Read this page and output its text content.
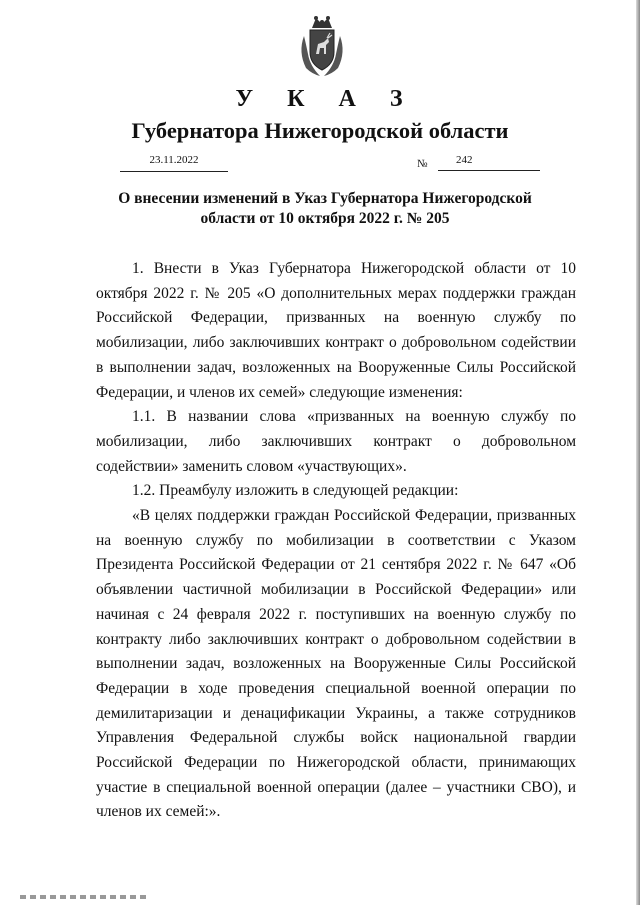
У К А З
Губернатора Нижегородской области
23.11.2022	№	242
О внесении изменений в Указ Губернатора Нижегородской
области от 10 октября 2022 г. № 205

1. Внести в Указ Губернатора Нижегородской области от 10 октября 2022 г. № 205 «О дополнительных мерах поддержки граждан Российской Федерации, призванных на военную службу по мобилизации, либо заключивших контракт о добровольном содействии в выполнении задач, возложенных на Вооруженные Силы Российской Федерации, и членов их семей» следующие изменения:

1.1. В названии слова «призванных на военную службу по мобилизации, либо заключивших контракт о добровольном содействии» заменить словом «участвующих».

1.2. Преамбулу изложить в следующей редакции:

«В целях поддержки граждан Российской Федерации, призванных на военную службу по мобилизации в соответствии с Указом Президента Российской Федерации от 21 сентября 2022 г. № 647 «Об объявлении частичной мобилизации в Российской Федерации» или начиная с 24 февраля 2022 г. поступивших на военную службу по контракту либо заключивших контракт о добровольном содействии в выполнении задач, возложенных на Вооруженные Силы Российской Федерации в ходе проведения специальной военной операции по демилитаризации и денацификации Украины, а также сотрудников Управления Федеральной службы войск национальной гвардии Российской Федерации по Нижегородской области, принимающих участие в специальной военной операции (далее – участники СВО), и членов их семей:».
